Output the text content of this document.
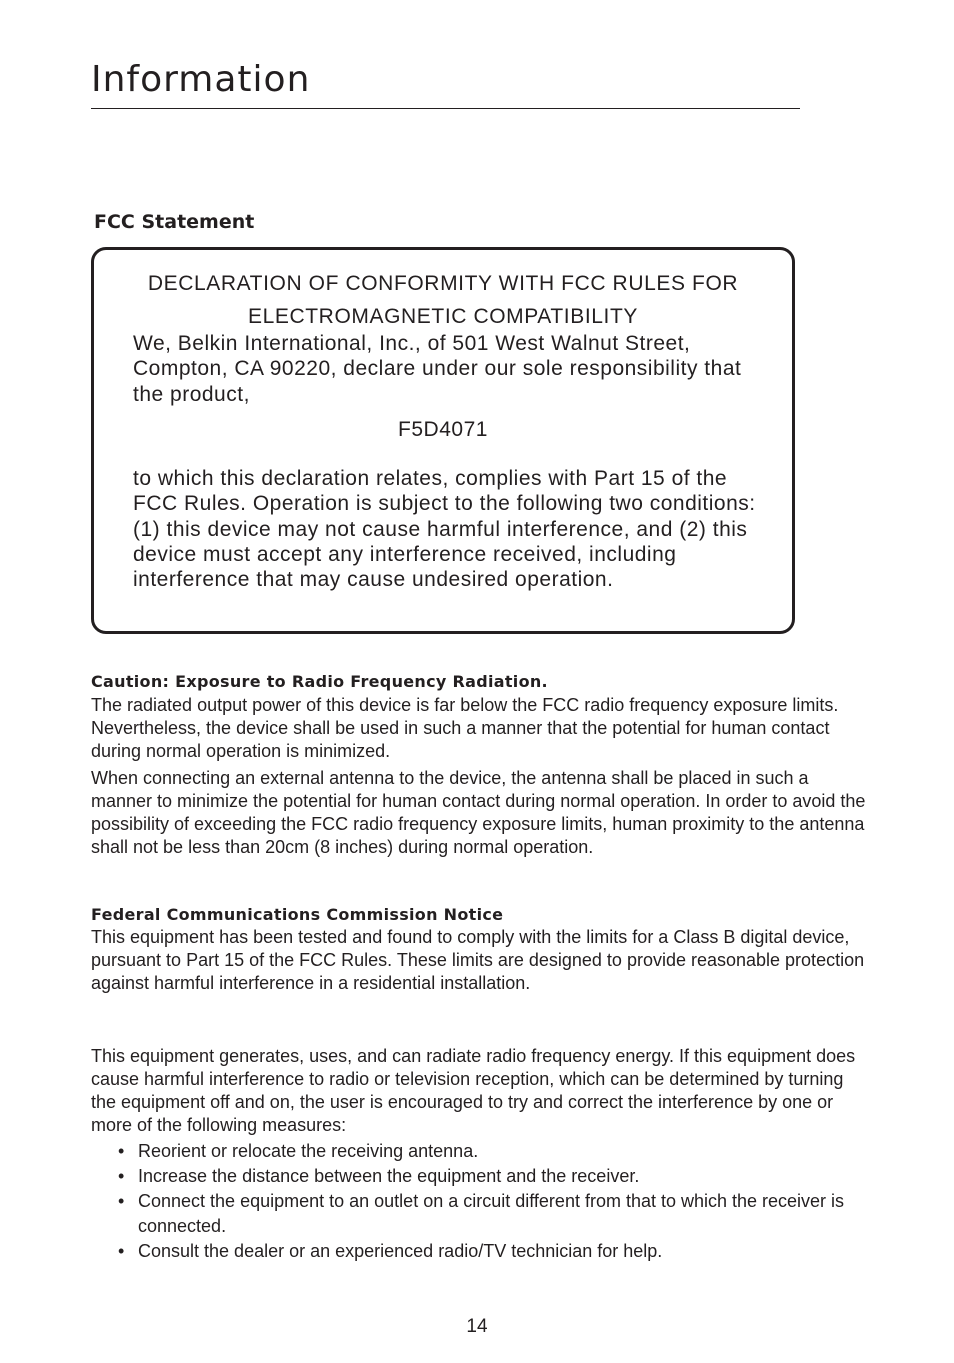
Information
FCC Statement

DECLARATION OF CONFORMITY WITH FCC RULES FOR ELECTROMAGNETIC COMPATIBILITY

We, Belkin International, Inc., of 501 West Walnut Street, Compton, CA 90220, declare under our sole responsibility that the product,

F5D4071

to which this declaration relates, complies with Part 15 of the FCC Rules. Operation is subject to the following two conditions: (1) this device may not cause harmful interference, and (2) this device must accept any interference received, including interference that may cause undesired operation.

Caution: Exposure to Radio Frequency Radiation.

The radiated output power of this device is far below the FCC radio frequency exposure limits. Nevertheless, the device shall be used in such a manner that the potential for human contact during normal operation is minimized.

When connecting an external antenna to the device, the antenna shall be placed in such a manner to minimize the potential for human contact during normal operation. In order to avoid the possibility of exceeding the FCC radio frequency exposure limits, human proximity to the antenna shall not be less than 20cm (8 inches) during normal operation.

Federal Communications Commission Notice

This equipment has been tested and found to comply with the limits for a Class B digital device, pursuant to Part 15 of the FCC Rules. These limits are designed to provide reasonable protection against harmful interference in a residential installation.

This equipment generates, uses, and can radiate radio frequency energy. If this equipment does cause harmful interference to radio or television reception, which can be determined by turning the equipment off and on, the user is encouraged to try and correct the interference by one or more of the following measures:

• Reorient or relocate the receiving antenna.
• Increase the distance between the equipment and the receiver.
• Connect the equipment to an outlet on a circuit different from that to which the receiver is connected.
• Consult the dealer or an experienced radio/TV technician for help.
14
